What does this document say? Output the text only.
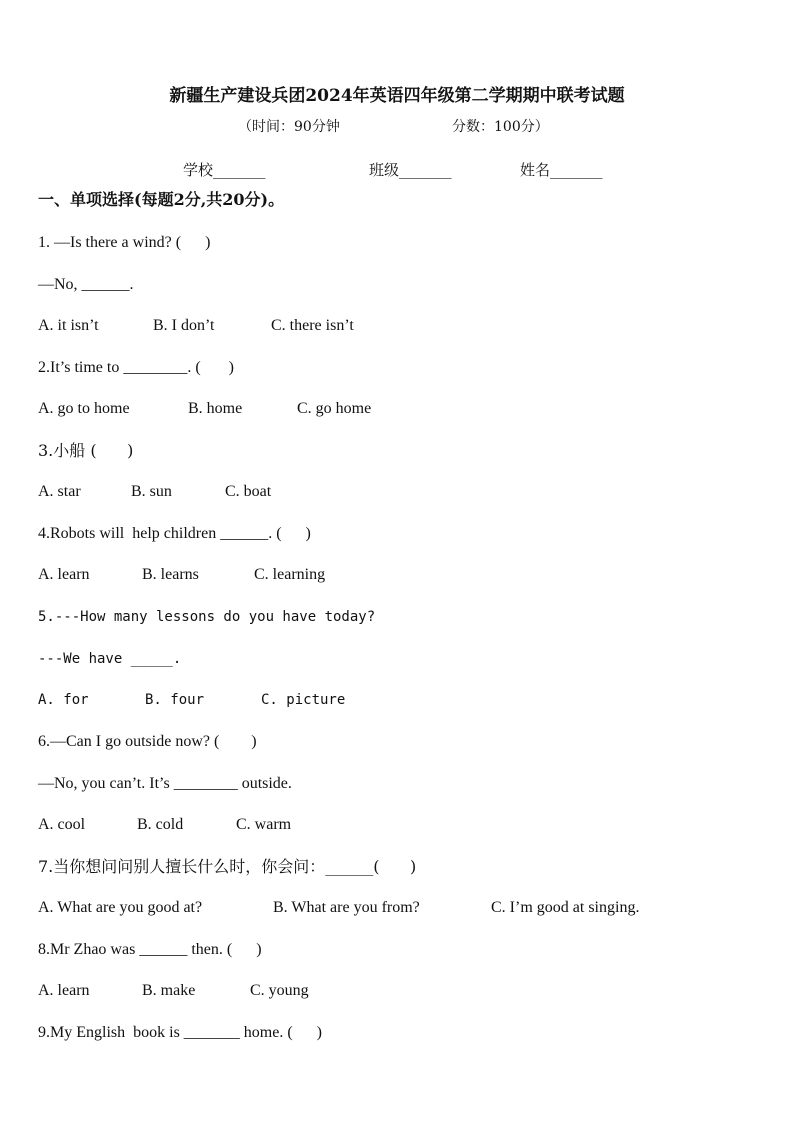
新疆生产建设兵团2024年英语四年级第二学期期中联考试题
（时间：90分钟	分数：100分）
学校_______	班级_______	姓名_______
一、单项选择(每题2分,共20分)。
1. —Is there a wind? (      )
—No, ______.
A. it isn’t	B. I don’t	C. there isn’t
2.It’s time to ________. (       )
A. go to home	B. home	C. go home
3.小船 (      )
A. star	B. sun	C. boat
4.Robots will  help children ______. (      )
A. learn	B. learns	C. learning
5.---How many lessons do you have today?
---We have _____.
A. for	B. four	C. picture
6.—Can I go outside now? (        )
—No, you can’t. It’s ________ outside.
A. cool	B. cold	C. warm
7.当你想问问别人擅长什么时，你会问：______(      )
A. What are you good at?	B. What are you from?	C. I’m good at singing.
8.Mr Zhao was ______ then. (      )
A. learn	B. make	C. young
9.My English  book is _______ home. (      )
